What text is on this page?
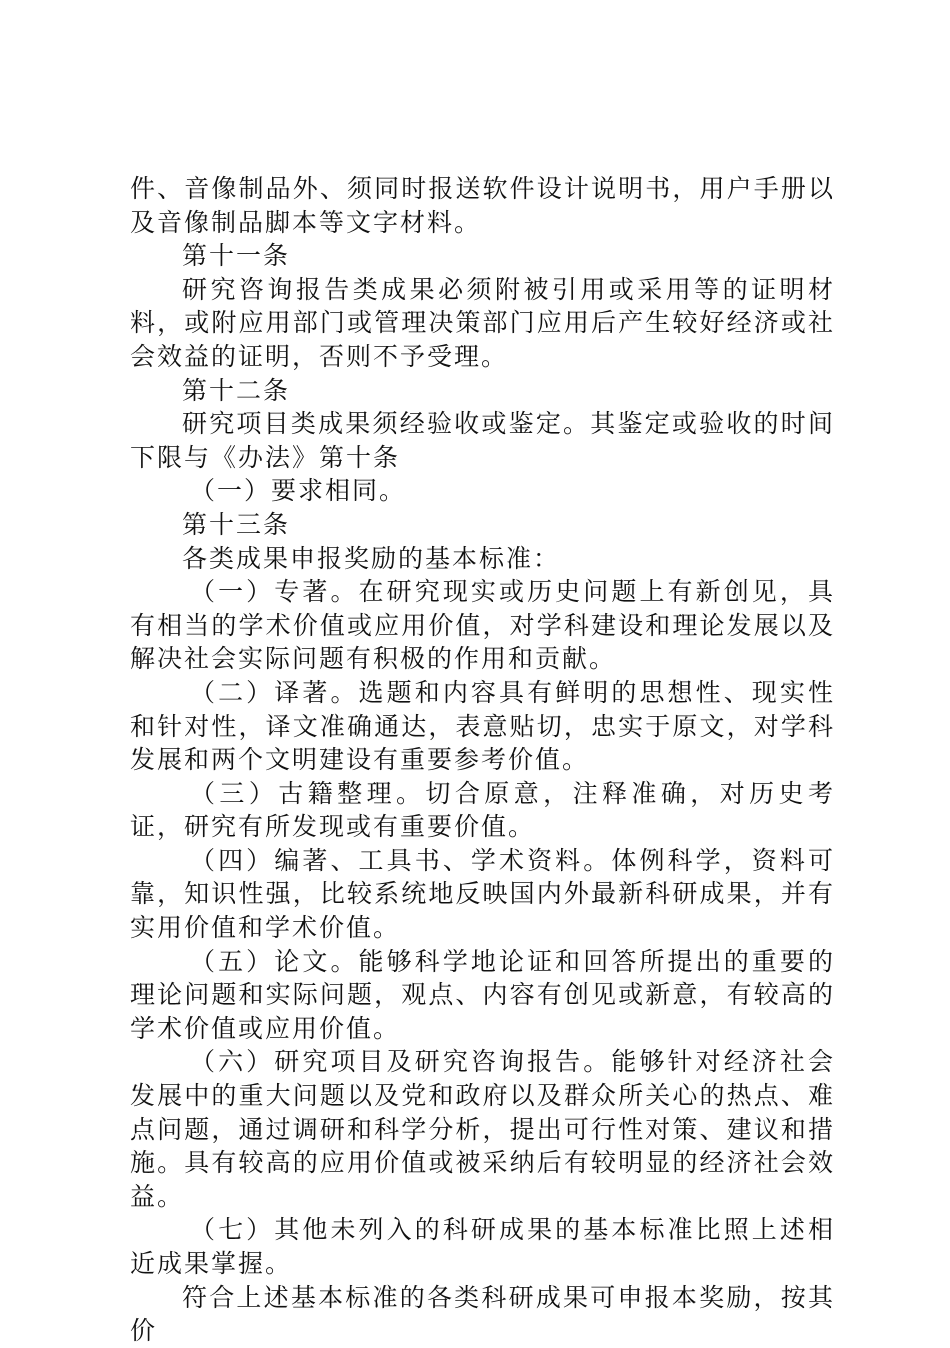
件、音像制品外、须同时报送软件设计说明书，用户手册以及音像制品脚本等文字材料。

第十一条

研究咨询报告类成果必须附被引用或采用等的证明材料，或附应用部门或管理决策部门应用后产生较好经济或社会效益的证明，否则不予受理。

第十二条

研究项目类成果须经验收或鉴定。其鉴定或验收的时间下限与《办法》第十条

（一）要求相同。

第十三条

各类成果申报奖励的基本标准：

（一）专著。在研究现实或历史问题上有新创见，具有相当的学术价值或应用价值，对学科建设和理论发展以及解决社会实际问题有积极的作用和贡献。

（二）译著。选题和内容具有鲜明的思想性、现实性和针对性，译文准确通达，表意贴切，忠实于原文，对学科发展和两个文明建设有重要参考价值。

（三）古籍整理。切合原意，注释准确，对历史考证，研究有所发现或有重要价值。

（四）编著、工具书、学术资料。体例科学，资料可靠，知识性强，比较系统地反映国内外最新科研成果，并有实用价值和学术价值。

（五）论文。能够科学地论证和回答所提出的重要的理论问题和实际问题，观点、内容有创见或新意，有较高的学术价值或应用价值。

（六）研究项目及研究咨询报告。能够针对经济社会发展中的重大问题以及党和政府以及群众所关心的热点、难点问题，通过调研和科学分析，提出可行性对策、建议和措施。具有较高的应用价值或被采纳后有较明显的经济社会效益。

（七）其他未列入的科研成果的基本标准比照上述相近成果掌握。

符合上述基本标准的各类科研成果可申报本奖励，按其价
